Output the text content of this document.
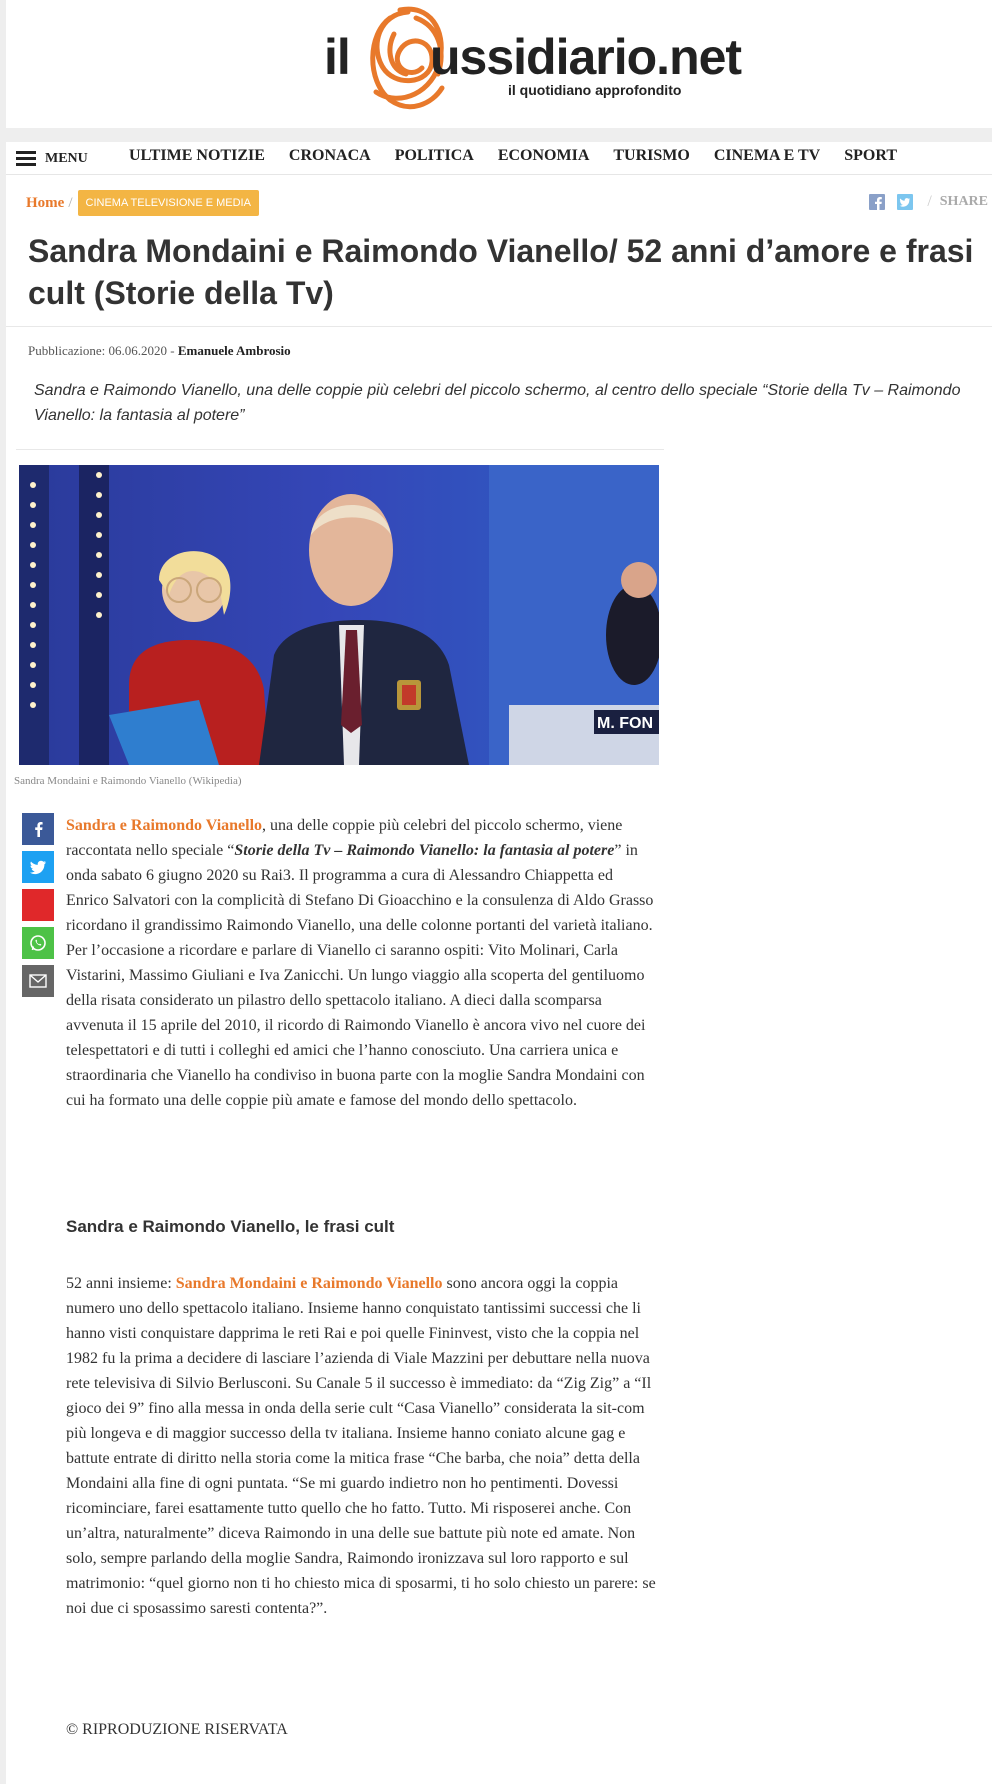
il ussidiario.net
il quotidiano approfondito
MENU	ULTIME NOTIZIE CRONACA POLITICA ECONOMIA TURISMO CINEMA E TV SPORT
Home /	CINEMA TELEVISIONE E MEDIA	/ SHARE
Sandra Mondaini e Raimondo Vianello/ 52 anni d’amore e frasi cult (Storie della Tv)
Pubblicazione: 06.06.2020 - Emanuele Ambrosio
Sandra e Raimondo Vianello, una delle coppie più celebri del piccolo schermo, al centro dello speciale “Storie della Tv – Raimondo Vianello: la fantasia al potere”
M. FON
Sandra Mondaini e Raimondo Vianello (Wikipedia)

Sandra e Raimondo Vianello, una delle coppie più celebri del piccolo schermo, viene raccontata nello speciale “Storie della Tv – Raimondo Vianello: la fantasia al potere” in onda sabato 6 giugno 2020 su Rai3. Il programma a cura di Alessandro Chiappetta ed Enrico Salvatori con la complicità di Stefano Di Gioacchino e la consulenza di Aldo Grasso ricordano il grandissimo Raimondo Vianello, una delle colonne portanti del varietà italiano. Per l’occasione a ricordare e parlare di Vianello ci saranno ospiti: Vito Molinari, Carla Vistarini, Massimo Giuliani e Iva Zanicchi. Un lungo viaggio alla scoperta del gentiluomo della risata considerato un pilastro dello spettacolo italiano. A dieci dalla scomparsa avvenuta il 15 aprile del 2010, il ricordo di Raimondo Vianello è ancora vivo nel cuore dei telespettatori e di tutti i colleghi ed amici che l’hanno conosciuto. Una carriera unica e straordinaria che Vianello ha condiviso in buona parte con la moglie Sandra Mondaini con cui ha formato una delle coppie più amate e famose del mondo dello spettacolo.

Sandra e Raimondo Vianello, le frasi cult

52 anni insieme: Sandra Mondaini e Raimondo Vianello sono ancora oggi la coppia numero uno dello spettacolo italiano. Insieme hanno conquistato tantissimi successi che li hanno visti conquistare dapprima le reti Rai e poi quelle Fininvest, visto che la coppia nel 1982 fu la prima a decidere di lasciare l’azienda di Viale Mazzini per debuttare nella nuova rete televisiva di Silvio Berlusconi. Su Canale 5 il successo è immediato: da “Zig Zig” a “Il gioco dei 9” fino alla messa in onda della serie cult “Casa Vianello” considerata la sit-com più longeva e di maggior successo della tv italiana. Insieme hanno coniato alcune gag e battute entrate di diritto nella storia come la mitica frase “Che barba, che noia” detta della Mondaini alla fine di ogni puntata. “Se mi guardo indietro non ho pentimenti. Dovessi ricominciare, farei esattamente tutto quello che ho fatto. Tutto. Mi risposerei anche. Con un’altra, naturalmente” diceva Raimondo in una delle sue battute più note ed amate. Non solo, sempre parlando della moglie Sandra, Raimondo ironizzava sul loro rapporto e sul matrimonio: “quel giorno non ti ho chiesto mica di sposarmi, ti ho solo chiesto un parere: se noi due ci sposassimo saresti contenta?”.

© RIPRODUZIONE RISERVATA
